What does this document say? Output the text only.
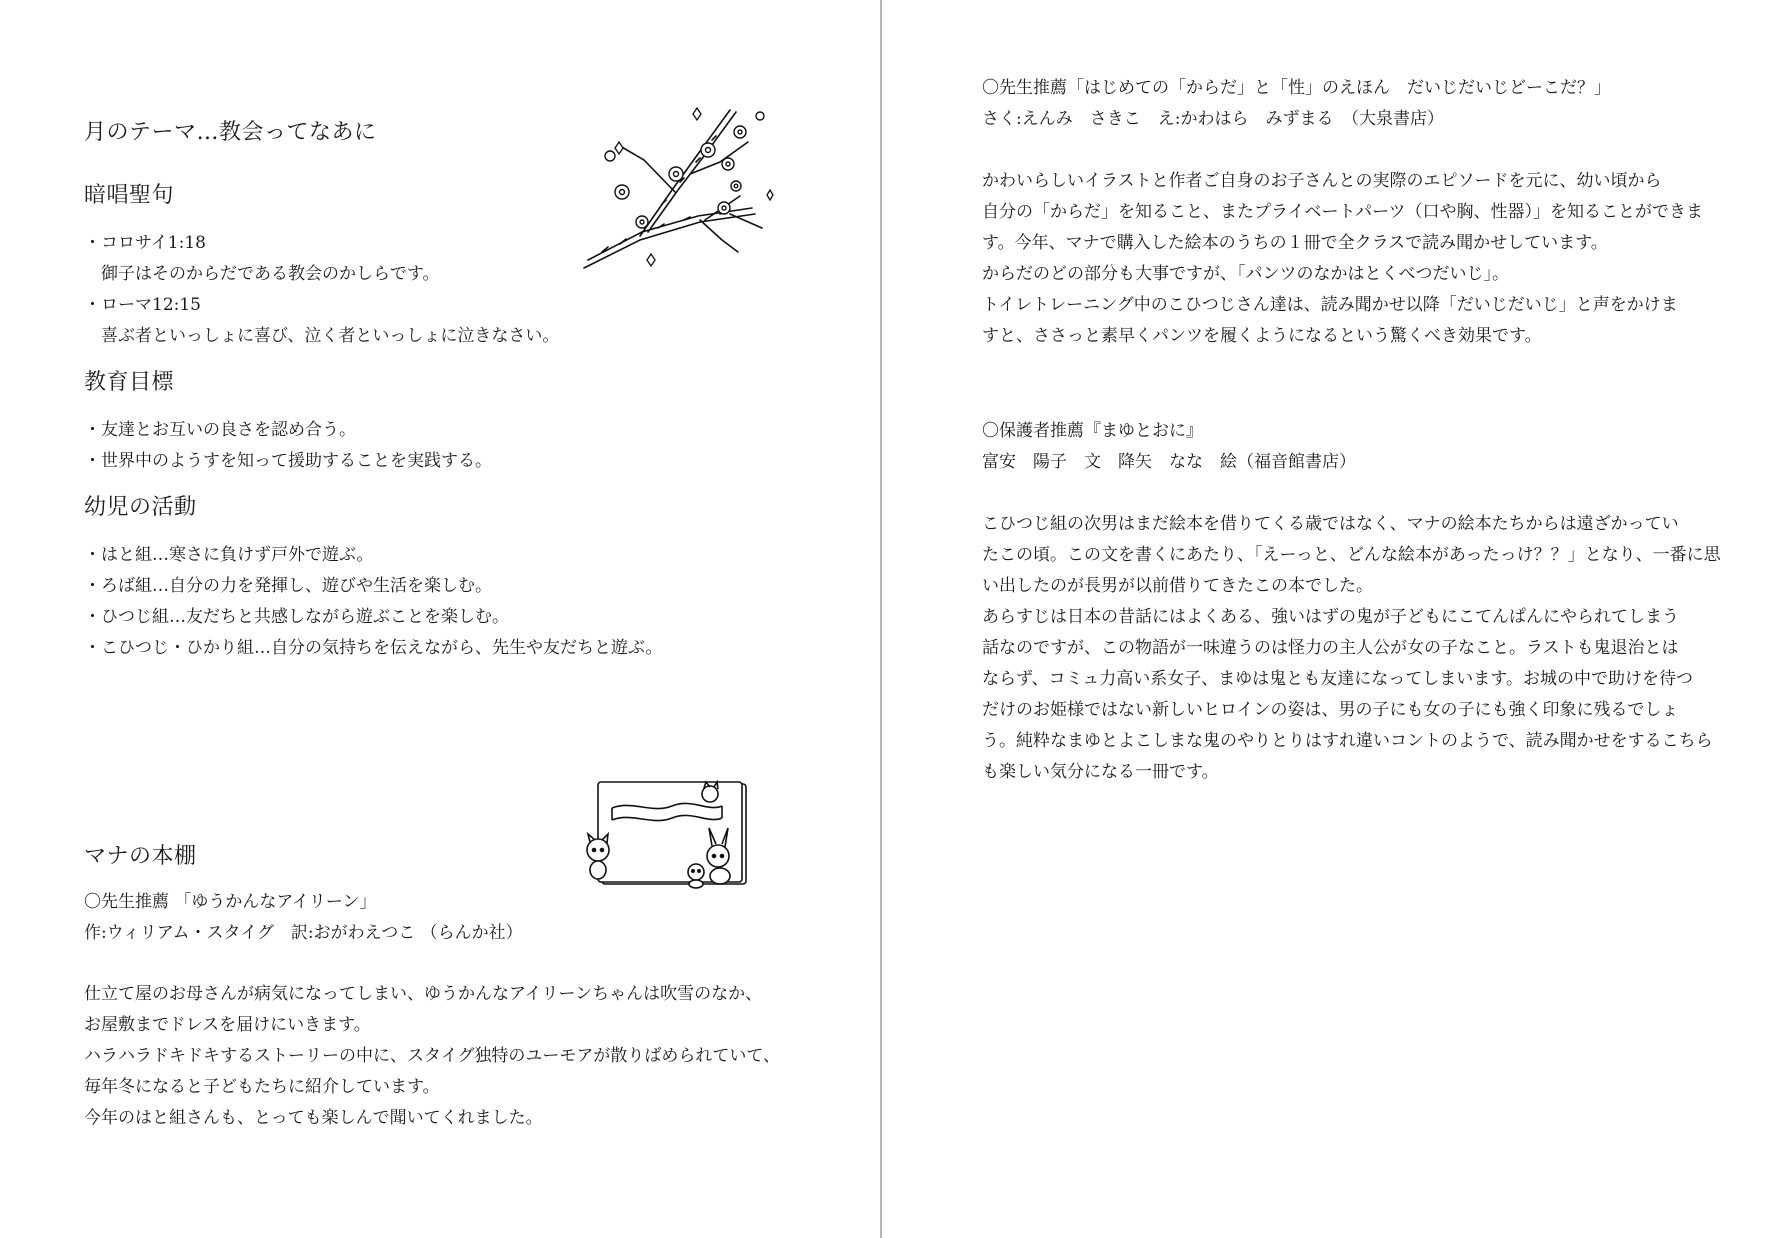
月のテーマ…教会ってなあに
暗唱聖句
・コロサイ1:18
　御子はそのからだである教会のかしらです。
・ローマ12:15
　喜ぶ者といっしょに喜び、泣く者といっしょに泣きなさい。
教育目標
・友達とお互いの良さを認め合う。
・世界中のようすを知って援助することを実践する。
幼児の活動
・はと組…寒さに負けず戸外で遊ぶ。
・ろば組…自分の力を発揮し、遊びや生活を楽しむ。
・ひつじ組…友だちと共感しながら遊ぶことを楽しむ。
・こひつじ・ひかり組…自分の気持ちを伝えながら、先生や友だちと遊ぶ。
マナの本棚
〇先生推薦 「ゆうかんなアイリーン」
作:ウィリアム・スタイグ　訳:おがわえつこ （らんか社）
仕立て屋のお母さんが病気になってしまい、ゆうかんなアイリーンちゃんは吹雪のなか、
お屋敷までドレスを届けにいきます。
ハラハラドキドキするストーリーの中に、スタイグ独特のユーモアが散りばめられていて、
毎年冬になると子どもたちに紹介しています。
今年のはと組さんも、とっても楽しんで聞いてくれました。
〇先生推薦「はじめての「からだ」と「性」のえほん　だいじだいじどーこだ？」
さく:えんみ　さきこ　え:かわはら　みずまる　（大泉書店）
かわいらしいイラストと作者ご自身のお子さんとの実際のエピソードを元に、幼い頃から
自分の「からだ」を知ること、またプライベートパーツ（口や胸、性器）」を知ることができま
す。今年、マナで購入した絵本のうちの１冊で全クラスで読み聞かせしています。
からだのどの部分も大事ですが、「パンツのなかはとくべつだいじ」。
トイレトレーニング中のこひつじさん達は、読み聞かせ以降「だいじだいじ」と声をかけま
すと、ささっと素早くパンツを履くようになるという驚くべき効果です。
〇保護者推薦『まゆとおに』
富安　陽子　文　降矢　なな　絵（福音館書店）
こひつじ組の次男はまだ絵本を借りてくる歳ではなく、マナの絵本たちからは遠ざかってい
たこの頃。この文を書くにあたり、「えーっと、どんな絵本があったっけ？？」となり、一番に思
い出したのが長男が以前借りてきたこの本でした。
あらすじは日本の昔話にはよくある、強いはずの鬼が子どもにこてんぱんにやられてしまう
話なのですが、この物語が一味違うのは怪力の主人公が女の子なこと。ラストも鬼退治とは
ならず、コミュ力高い系女子、まゆは鬼とも友達になってしまいます。お城の中で助けを待つ
だけのお姫様ではない新しいヒロインの姿は、男の子にも女の子にも強く印象に残るでしょ
う。純粋なまゆとよこしまな鬼のやりとりはすれ違いコントのようで、読み聞かせをするこちら
も楽しい気分になる一冊です。
